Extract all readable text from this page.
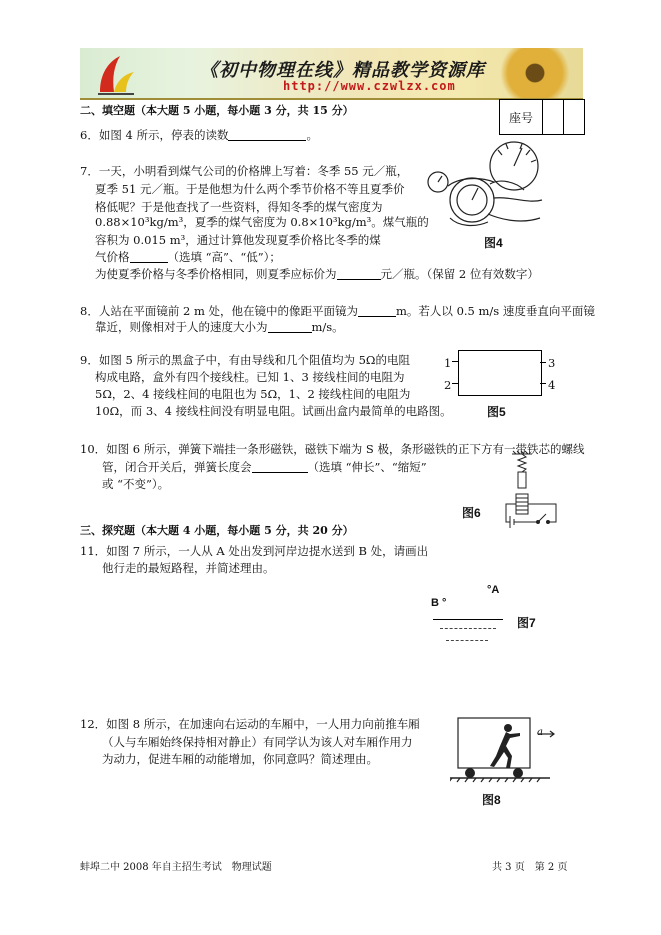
《初中物理在线》精品教学资源库
http://www.czwlzx.com
座号
二、填空题（本大题 5 小题，每小题 3 分，共 15 分）
6．如图 4 所示，停表的读数	。
7．一天，小明看到煤气公司的价格牌上写着：冬季 55 元／瓶，
夏季 51 元／瓶。于是他想为什么两个季节价格不等且夏季价
格低呢？于是他查找了一些资料，得知冬季的煤气密度为
0.88×10³kg/m³，夏季的煤气密度为 0.8×10³kg/m³。煤气瓶的
容积为 0.015 m³，通过计算他发现夏季价格比冬季的煤
气价格	（选填 “高”、“低”）；
为使夏季价格与冬季价格相同，则夏季应标价为	元／瓶。（保留 2 位有效数字）
图4
8．人站在平面镜前 2 m 处，他在镜中的像距平面镜为	m。若人以 0.5 m/s 速度垂直向平面镜
靠近，则像相对于人的速度大小为	m/s。
9．如图 5 所示的黑盒子中，有由导线和几个阻值均为 5Ω的电阻
构成电路，盒外有四个接线柱。已知 1、3 接线柱间的电阻为
5Ω，2、4 接线柱间的电阻也为 5Ω，1、2 接线柱间的电阻为
10Ω，而 3、4 接线柱间没有明显电阻。试画出盒内最简单的电路图。
1
2
3
4
图5
10．如图 6 所示，弹簧下端挂一条形磁铁，磁铁下端为 S 极，条形磁铁的正下方有一带铁芯的螺线
管，闭合开关后，弹簧长度会	（选填 “伸长”、“缩短”
或 “不变”）。
图6
三、探究题（本大题 4 小题，每小题 5 分，共 20 分）
11．如图 7 所示，一人从 A 处出发到河岸边提水送到 B 处，请画出
他行走的最短路程，并简述理由。
°A
B °
图7
12．如图 8 所示，在加速向右运动的车厢中，一人用力向前推车厢
（人与车厢始终保持相对静止）有同学认为该人对车厢作用力
为动力，促进车厢的动能增加，你同意吗？简述理由。
a
图8
蚌埠二中 2008 年自主招生考试　物理试题	共 3 页　第 2 页
